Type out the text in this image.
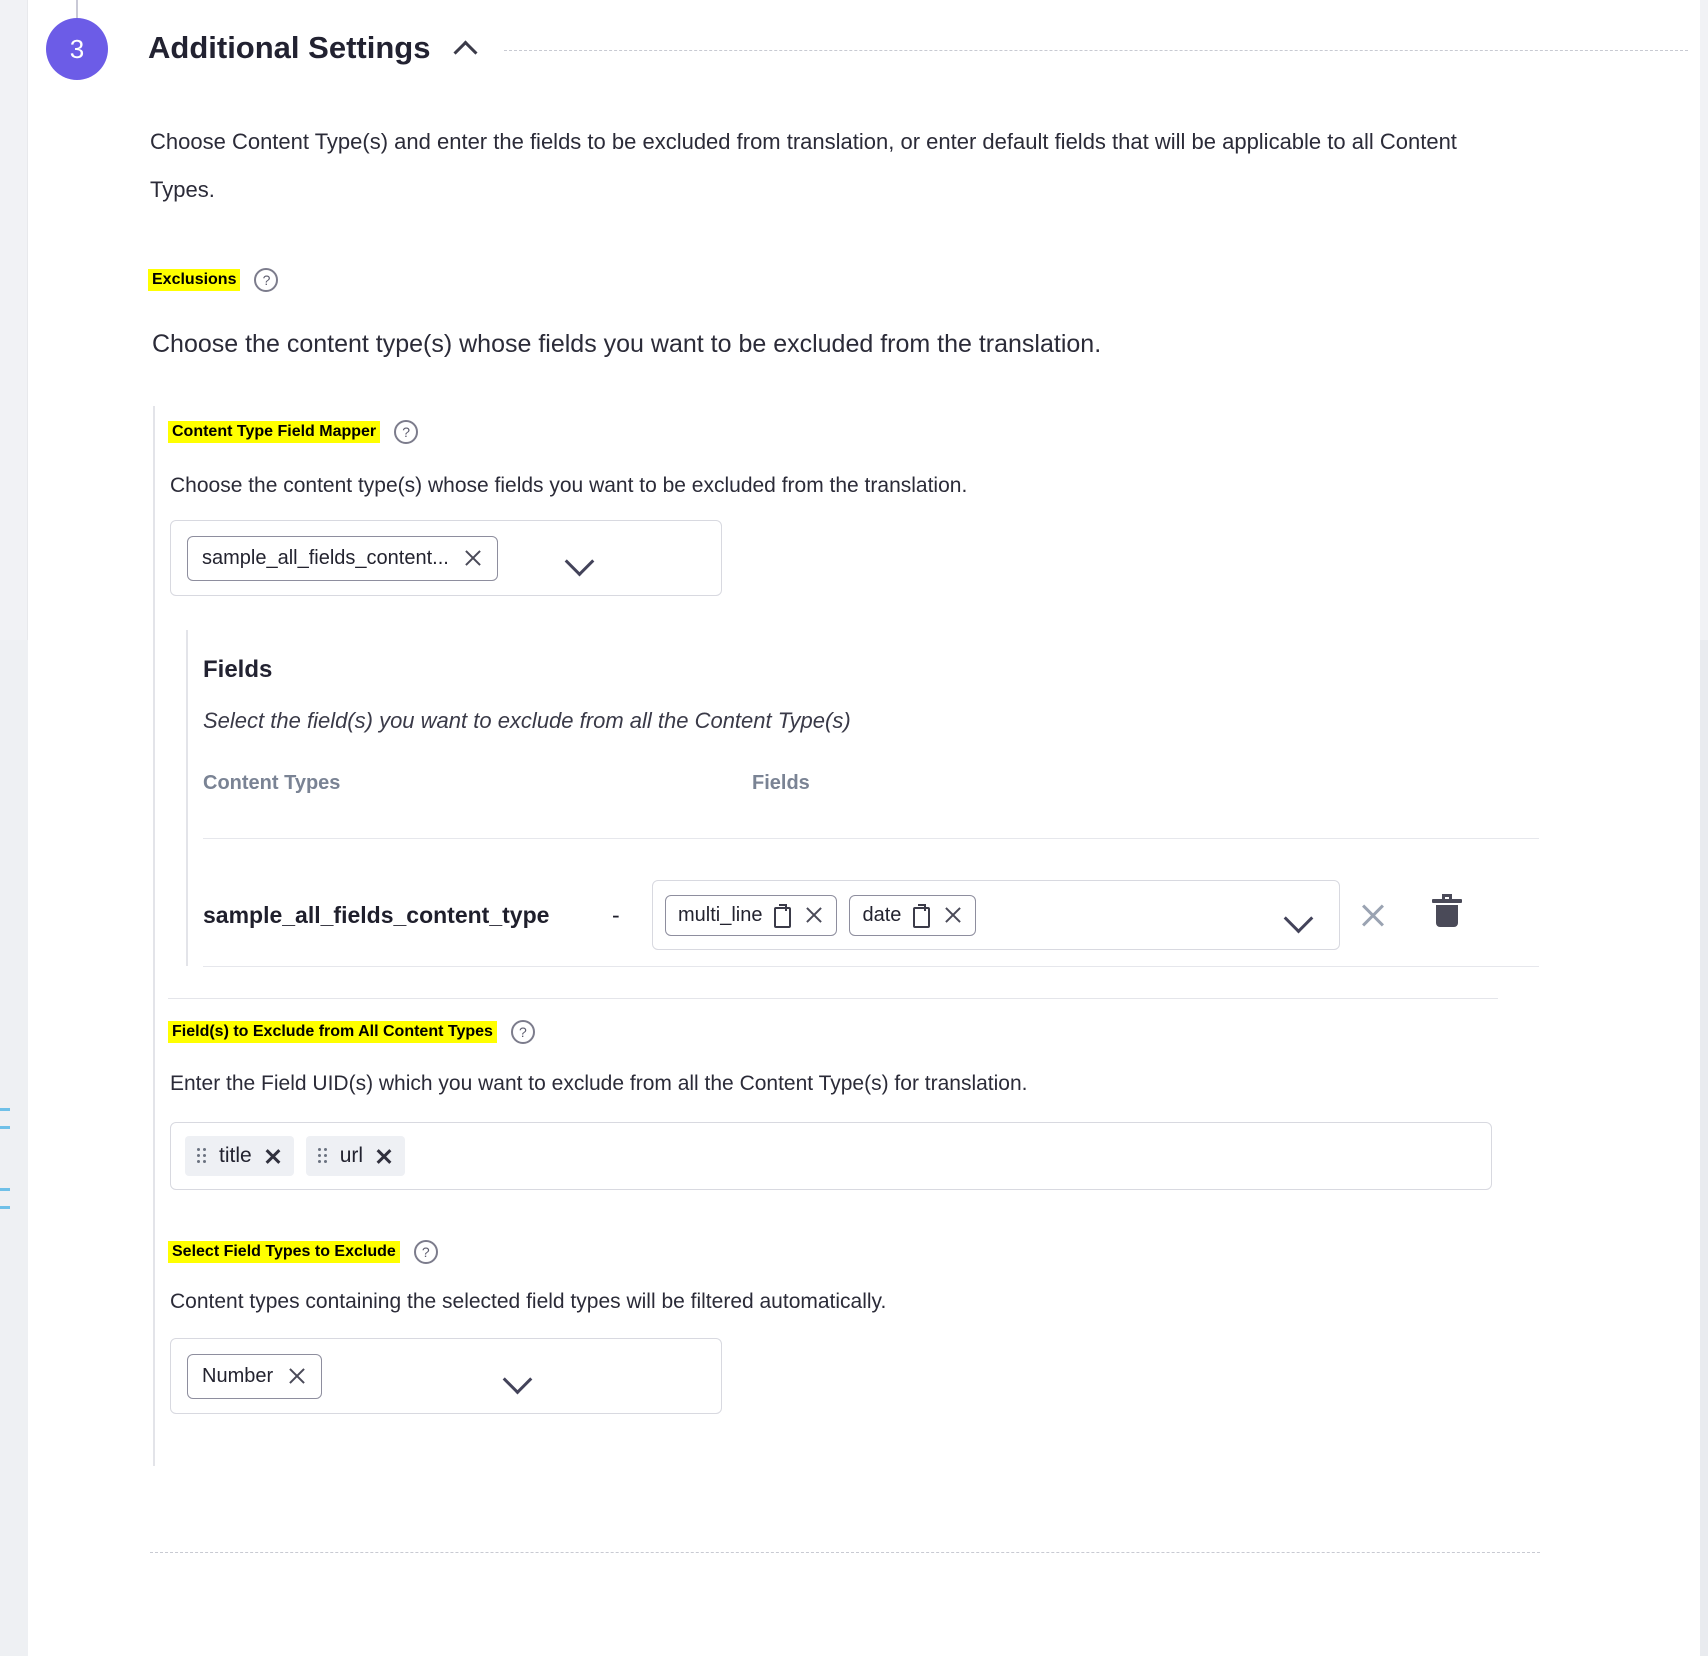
3	Additional Settings
Choose Content Type(s) and enter the fields to be excluded from translation, or enter default fields that will be applicable to all Content Types.
Exclusions	?
Choose the content type(s) whose fields you want to be excluded from the translation.
Content Type Field Mapper	?
Choose the content type(s) whose fields you want to be excluded from the translation.
sample_all_fields_content...
Fields
Select the field(s) you want to exclude from all the Content Type(s)
Content Types	Fields
sample_all_fields_content_type	-	multi_line	date
Field(s) to Exclude from All Content Types	?
Enter the Field UID(s) which you want to exclude from all the Content Type(s) for translation.
title	url
Select Field Types to Exclude	?
Content types containing the selected field types will be filtered automatically.
Number
